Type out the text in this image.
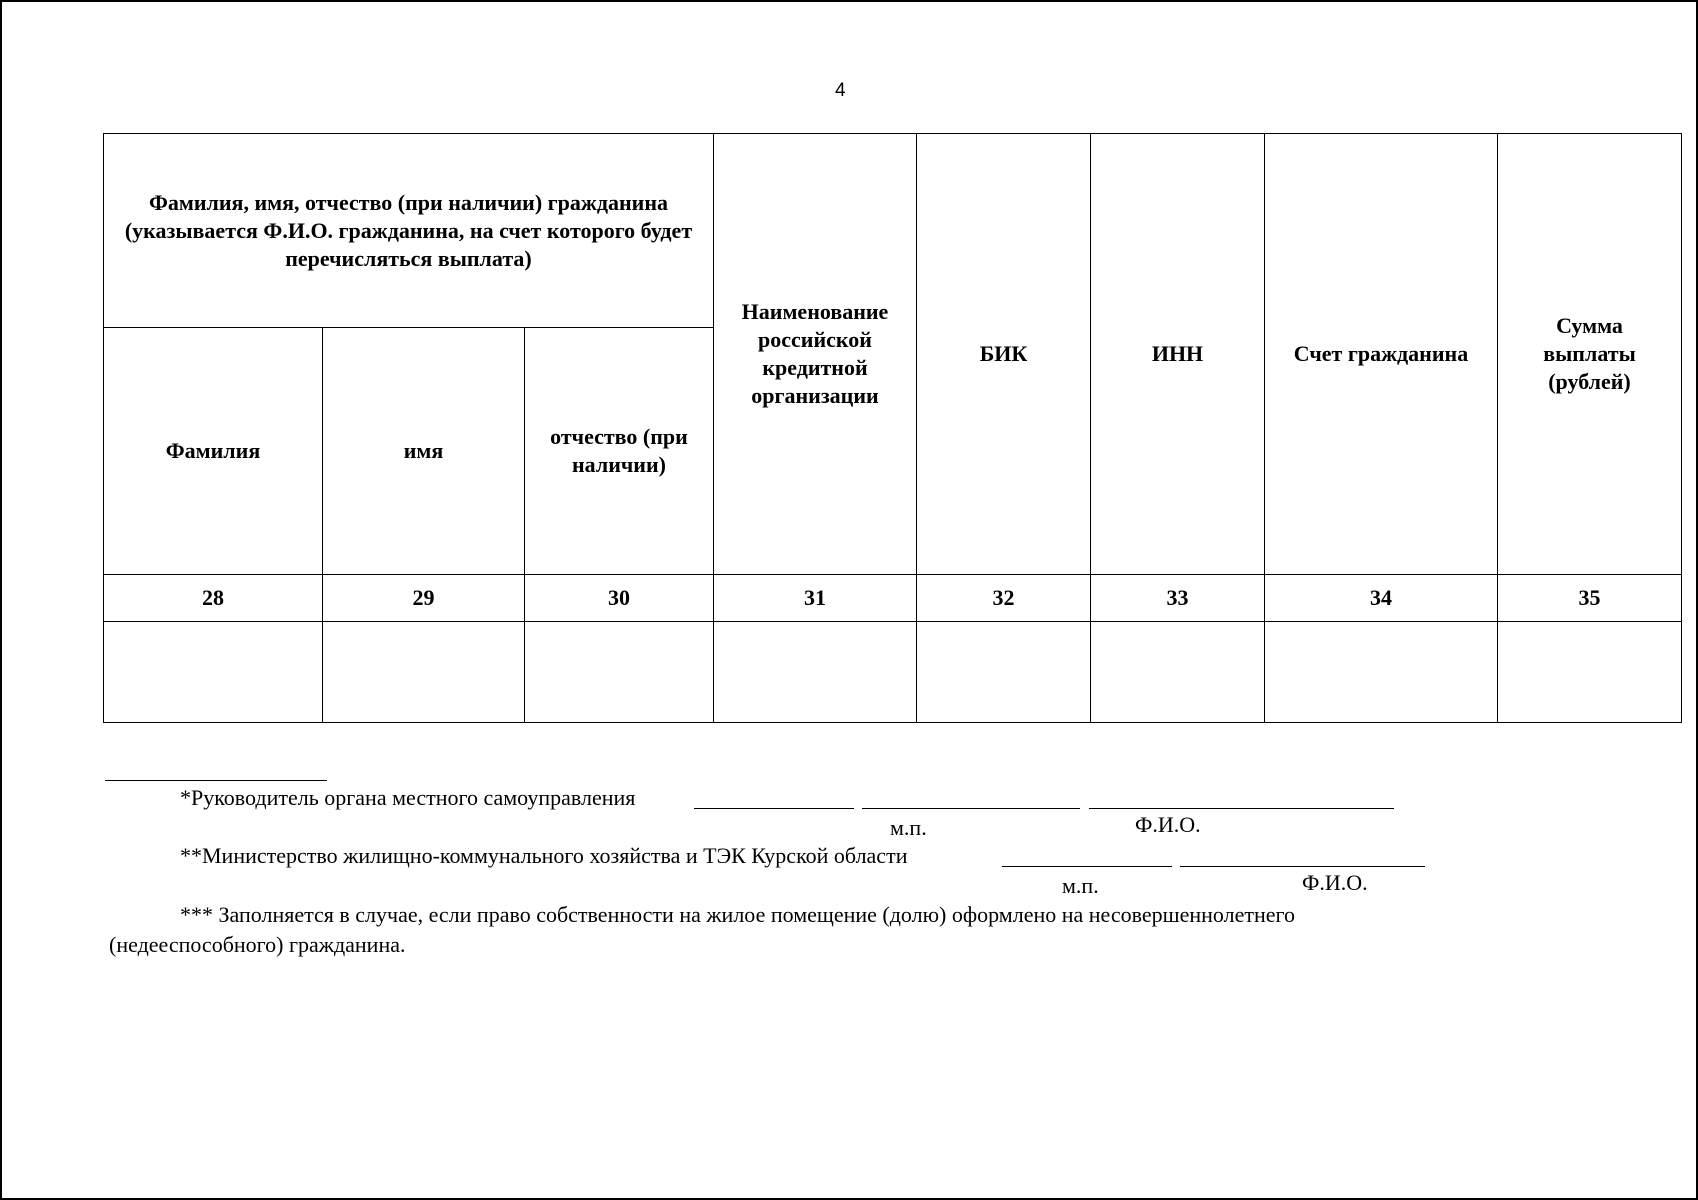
4
Фамилия, имя, отчество (при наличии) гражданина (указывается Ф.И.О. гражданина, на счет которого будет перечисляться выплата)			Наименование российской кредитной организации	БИК	ИНН	Счет гражданина	Сумма выплаты (рублей)
Фамилия	имя	отчество (при наличии)					
28	29	30	31	32	33	34	35

*Руководитель органа местного самоуправления
м.п.	Ф.И.О.
**Министерство жилищно-коммунального хозяйства и ТЭК Курской области
м.п.	Ф.И.О.
*** Заполняется в случае, если право собственности на жилое помещение (долю) оформлено на несовершеннолетнего
(недееспособного) гражданина.
